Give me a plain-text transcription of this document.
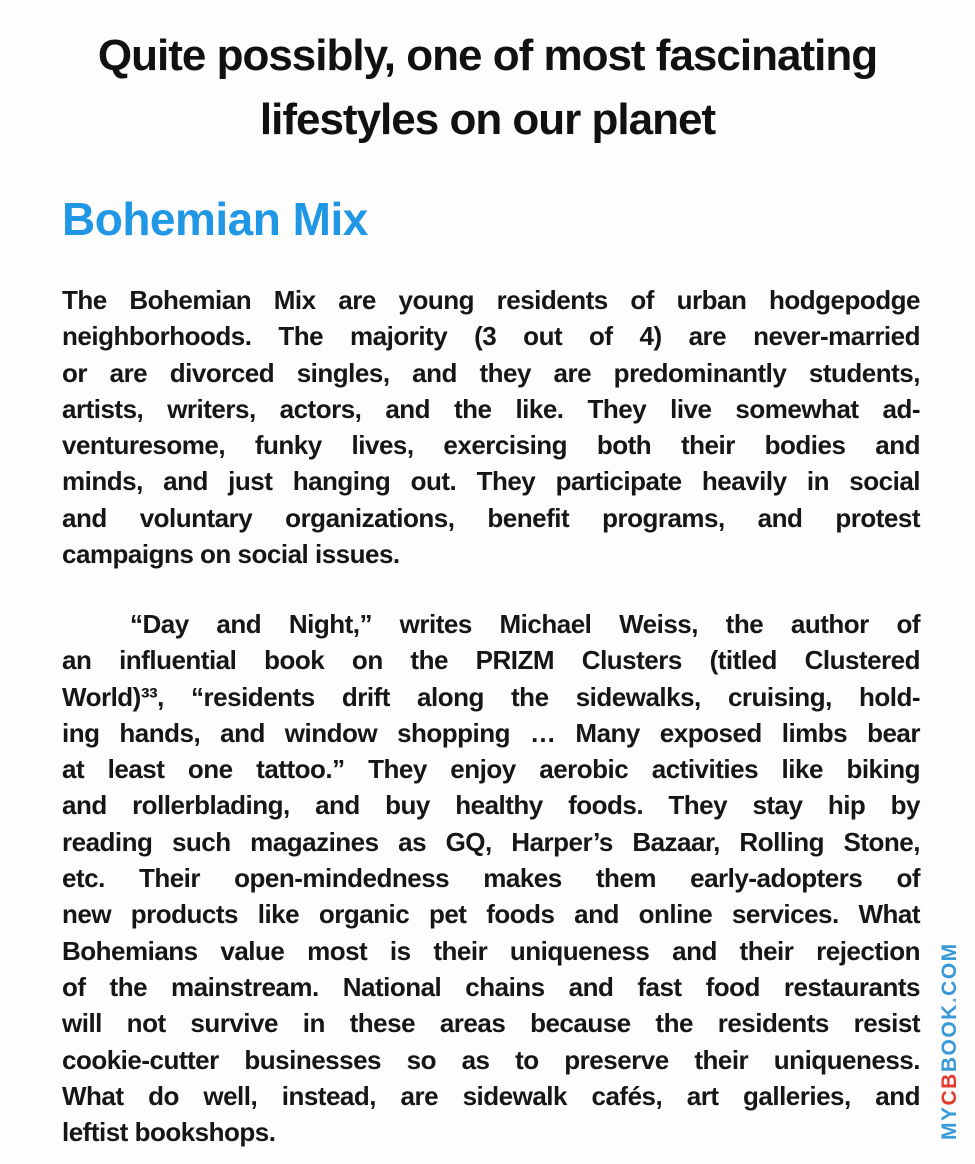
Quite possibly, one of most fascinating
lifestyles on our planet
Bohemian Mix
The Bohemian Mix are young residents of urban hodgepodge
neighborhoods. The majority (3 out of 4) are never-married
or are divorced singles, and they are predominantly students,
artists, writers, actors, and the like. They live somewhat ad-
venturesome, funky lives, exercising both their bodies and
minds, and just hanging out. They participate heavily in social
and voluntary organizations, benefit programs, and protest
campaigns on social issues.
“Day and Night,” writes Michael Weiss, the author of
an influential book on the PRIZM Clusters (titled Clustered
World)³³, “residents drift along the sidewalks, cruising, hold-
ing hands, and window shopping … Many exposed limbs bear
at least one tattoo.” They enjoy aerobic activities like biking
and rollerblading, and buy healthy foods. They stay hip by
reading such magazines as GQ, Harper’s Bazaar, Rolling Stone,
etc. Their open-mindedness makes them early-adopters of
new products like organic pet foods and online services. What
Bohemians value most is their uniqueness and their rejection
of the mainstream. National chains and fast food restaurants
will not survive in these areas because the residents resist
cookie-cutter businesses so as to preserve their uniqueness.
What do well, instead, are sidewalk cafés, art galleries, and
leftist bookshops.	MYCBBOOK.COM
